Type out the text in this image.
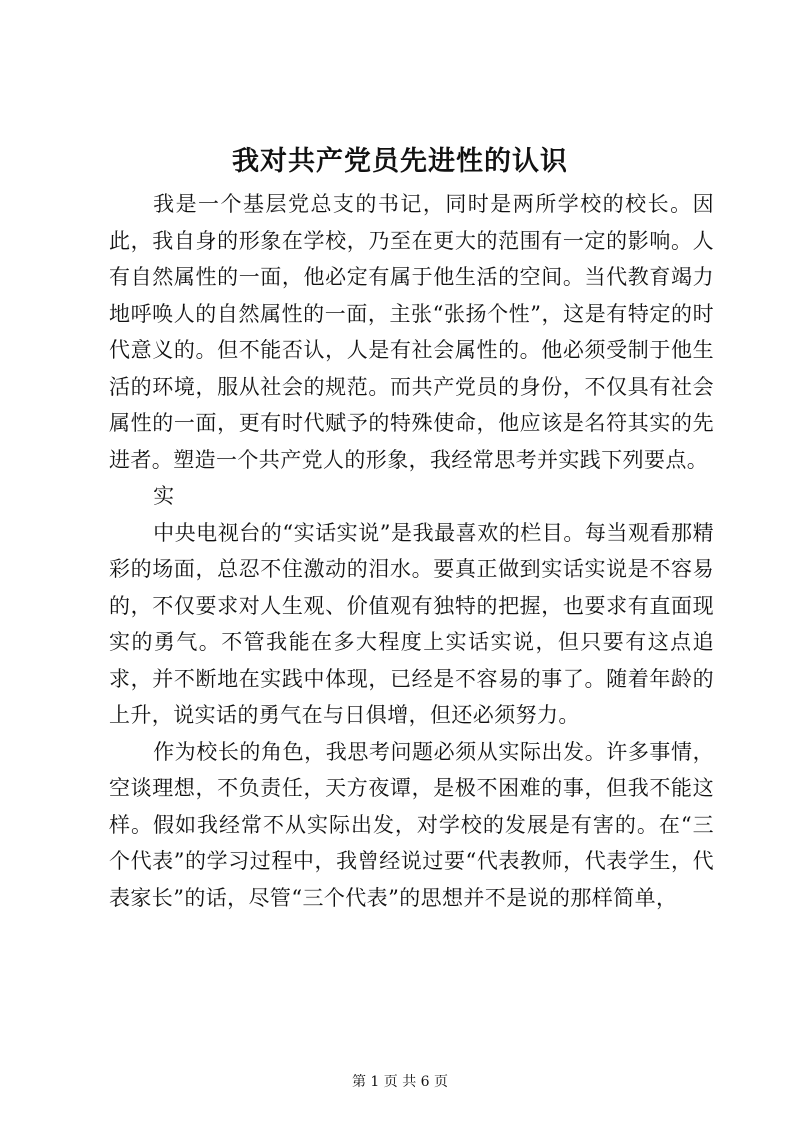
我对共产党员先进性的认识

我是一个基层党总支的书记，同时是两所学校的校长。因此，我自身的形象在学校，乃至在更大的范围有一定的影响。人有自然属性的一面，他必定有属于他生活的空间。当代教育竭力地呼唤人的自然属性的一面，主张“张扬个性”，这是有特定的时代意义的。但不能否认，人是有社会属性的。他必须受制于他生活的环境，服从社会的规范。而共产党员的身份，不仅具有社会属性的一面，更有时代赋予的特殊使命，他应该是名符其实的先进者。塑造一个共产党人的形象，我经常思考并实践下列要点。

实

中央电视台的“实话实说”是我最喜欢的栏目。每当观看那精彩的场面，总忍不住激动的泪水。要真正做到实话实说是不容易的，不仅要求对人生观、价值观有独特的把握，也要求有直面现实的勇气。不管我能在多大程度上实话实说，但只要有这点追求，并不断地在实践中体现，已经是不容易的事了。随着年龄的上升，说实话的勇气在与日俱增，但还必须努力。

作为校长的角色，我思考问题必须从实际出发。许多事情，空谈理想，不负责任，天方夜谭，是极不困难的事，但我不能这样。假如我经常不从实际出发，对学校的发展是有害的。在“三个代表”的学习过程中，我曾经说过要“代表教师，代表学生，代表家长”的话，尽管“三个代表”的思想并不是说的那样简单，

第 1 页 共 6 页
